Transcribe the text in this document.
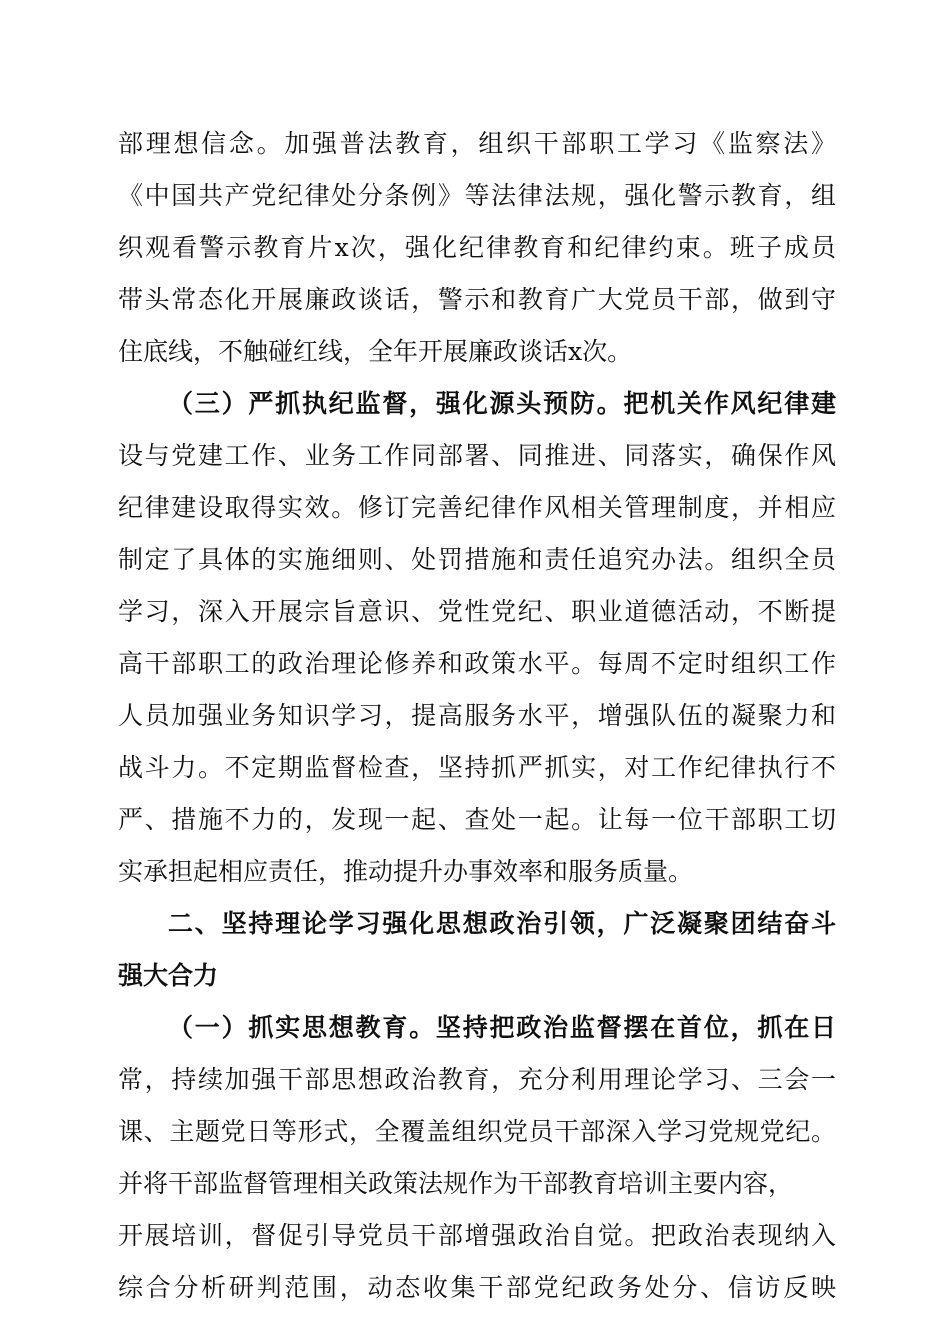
部理想信念。加强普法教育，组织干部职工学习《监察法》
《中国共产党纪律处分条例》等法律法规，强化警示教育，组
织观看警示教育片x次，强化纪律教育和纪律约束。班子成员
带头常态化开展廉政谈话，警示和教育广大党员干部，做到守
住底线，不触碰红线，全年开展廉政谈话x次。
（三）严抓执纪监督，强化源头预防。把机关作风纪律建
设与党建工作、业务工作同部署、同推进、同落实，确保作风
纪律建设取得实效。修订完善纪律作风相关管理制度，并相应
制定了具体的实施细则、处罚措施和责任追究办法。组织全员
学习，深入开展宗旨意识、党性党纪、职业道德活动，不断提
高干部职工的政治理论修养和政策水平。每周不定时组织工作
人员加强业务知识学习，提高服务水平，增强队伍的凝聚力和
战斗力。不定期监督检查，坚持抓严抓实，对工作纪律执行不
严、措施不力的，发现一起、查处一起。让每一位干部职工切
实承担起相应责任，推动提升办事效率和服务质量。
二、坚持理论学习强化思想政治引领，广泛凝聚团结奋斗
强大合力
（一）抓实思想教育。坚持把政治监督摆在首位，抓在日
常，持续加强干部思想政治教育，充分利用理论学习、三会一
课、主题党日等形式，全覆盖组织党员干部深入学习党规党纪。
并将干部监督管理相关政策法规作为干部教育培训主要内容，
开展培训，督促引导党员干部增强政治自觉。把政治表现纳入
综合分析研判范围，动态收集干部党纪政务处分、信访反映
